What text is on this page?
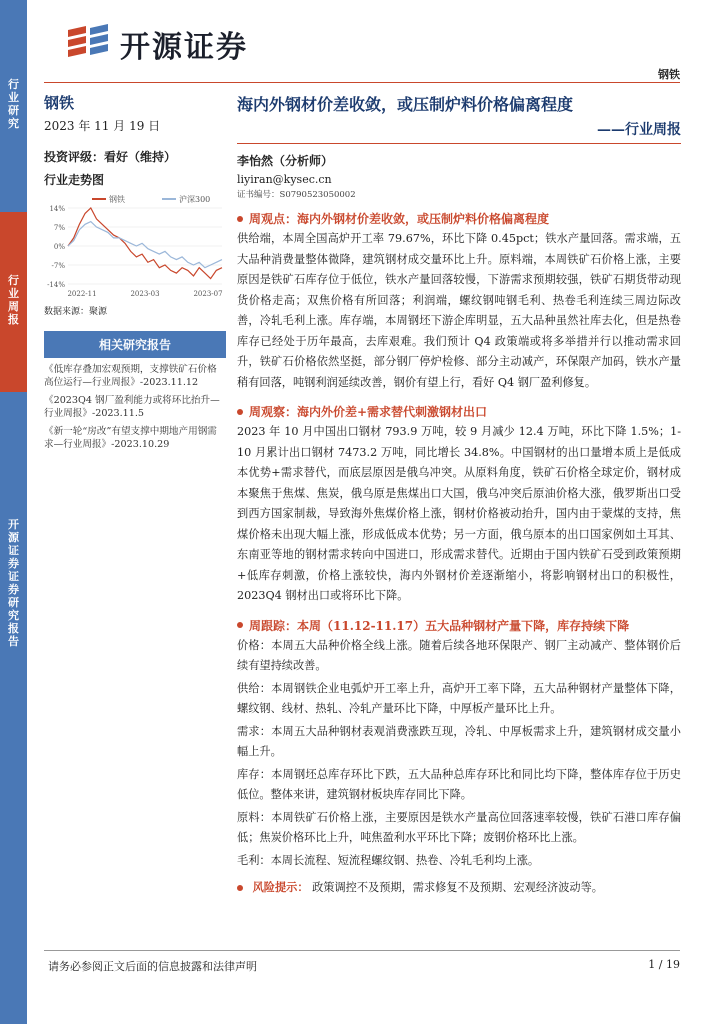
行业研究
行业周报
开源证券 证券研究报告
开源证券
钢铁
钢铁
2023 年 11 月 19 日
投资评级：看好（维持）
行业走势图
钢铁	沪深300
14%
7%
0%
-7%
-14%
2022-11	2023-03	2023-07
数据来源：聚源
相关研究报告
《低库存叠加宏观预期，支撑铁矿石价格高位运行—行业周报》-2023.11.12
《2023Q4 钢厂盈利能力或将环比抬升—行业周报》-2023.11.5
《新一轮“房改”有望支撑中期地产用钢需求—行业周报》-2023.10.29
海内外钢材价差收敛，或压制炉料价格偏离程度
——行业周报
李怡然（分析师）
liyiran@kysec.cn
证书编号：S0790523050002
周观点：海内外钢材价差收敛，或压制炉料价格偏离程度
供给端，本周全国高炉开工率 79.67%，环比下降 0.45pct；铁水产量回落。需求端，五大品种消费量整体微降，建筑钢材成交量环比上升。原料端，本周铁矿石价格上涨，主要原因是铁矿石库存位于低位，铁水产量回落较慢，下游需求预期较强，铁矿石期货带动现货价格走高；双焦价格有所回落；利润端，螺纹钢吨钢毛利、热卷毛利连续三周边际改善，冷轧毛利上涨。库存端，本周钢坯下游企库明显，五大品种虽然社库去化，但是热卷库存已经处于历年最高，去库艰难。我们预计 Q4 政策端或将多举措并行以推动需求回升，铁矿石价格依然坚挺，部分钢厂停炉检修、部分主动减产，环保限产加码，铁水产量稍有回落，吨钢利润延续改善，钢价有望上行，看好 Q4 钢厂盈利修复。
周观察：海内外价差+需求替代刺激钢材出口
2023 年 10 月中国出口钢材 793.9 万吨，较 9 月减少 12.4 万吨，环比下降 1.5%；1-10 月累计出口钢材 7473.2 万吨，同比增长 34.8%。中国钢材的出口量增本质上是低成本优势+需求替代，而底层原因是俄乌冲突。从原料角度，铁矿石价格全球定价，钢材成本聚焦于焦煤、焦炭，俄乌原是焦煤出口大国，俄乌冲突后原油价格大涨，俄罗斯出口受到西方国家制裁，导致海外焦煤价格上涨，钢材价格被动抬升，国内由于蒙煤的支持，焦煤价格未出现大幅上涨，形成低成本优势；另一方面，俄乌原本的出口国家例如土耳其、东南亚等地的钢材需求转向中国进口，形成需求替代。近期由于国内铁矿石受到政策预期+低库存刺激，价格上涨较快，海内外钢材价差逐渐缩小，将影响钢材出口的积极性，2023Q4 钢材出口或将环比下降。
周跟踪：本周（11.12-11.17）五大品种钢材产量下降，库存持续下降
价格：本周五大品种价格全线上涨。随着后续各地环保限产、钢厂主动减产、整体钢价后续有望持续改善。
供给：本周钢铁企业电弧炉开工率上升，高炉开工率下降，五大品种钢材产量整体下降，螺纹钢、线材、热轧、冷轧产量环比下降，中厚板产量环比上升。
需求：本周五大品种钢材表观消费涨跌互现，冷轧、中厚板需求上升，建筑钢材成交量小幅上升。
库存：本周钢坯总库存环比下跌，五大品种总库存环比和同比均下降，整体库存位于历史低位。整体来讲，建筑钢材板块库存同比下降。
原料：本周铁矿石价格上涨，主要原因是铁水产量高位回落速率较慢，铁矿石港口库存偏低；焦炭价格环比上升，吨焦盈利水平环比下降；废钢价格环比上涨。
毛利：本周长流程、短流程螺纹钢、热卷、冷轧毛利均上涨。
风险提示： 政策调控不及预期，需求修复不及预期、宏观经济波动等。
请务必参阅正文后面的信息披露和法律声明	1 / 19
